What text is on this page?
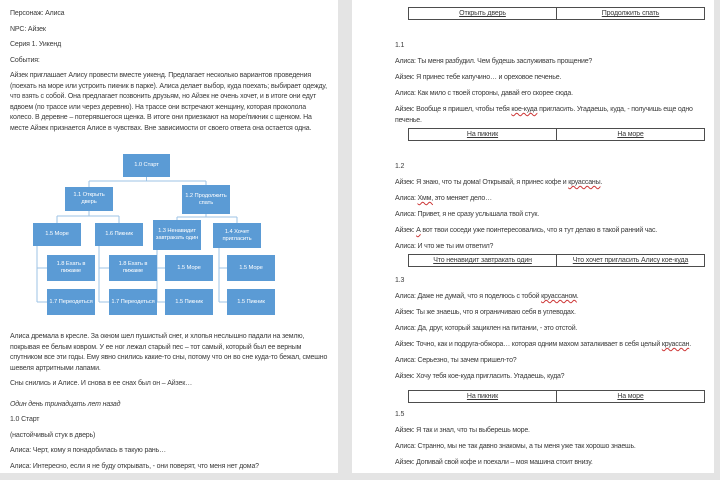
Персонаж: Алиса

NPC: Айзек

Серия 1. Уикенд

События:

Айзек приглашает Алису провести вместе уикенд. Предлагает несколько вариантов проведения (поехать на море или устроить пикник в парке). Алиса делает выбор, куда поехать; выбирает одежду, что взять с собой. Она предлагает позвонить друзьям, но Айзек не очень хочет, и в итоге они едут вдвоем (по трассе или через деревню). На трассе они встречают женщину, которая проколола колесо. В деревне – потерявшегося щенка. В итоге они приезжают на море/пикник с щенком. На месте Айзек признается Алисе в чувствах. Вне зависимости от своего ответа она остается одна.

1.0 Старт
1.1 Открыть дверь
1.2 Продолжить спать
1.5 Море	1.6 Пикник	1.3 Ненавидит завтракать один
1.4 Хочет пригласить
1.8 Ехать в пижаме
1.7 Переодеться
1.8 Ехать в пижаме
1.7 Переодеться
1.5 Море
1.5 Пикник
1.5 Море
1.5 Пикник

Алиса дремала в кресле. За окном шел пушистый снег, и хлопья неслышно падали на землю, покрывая ее белым ковром. У ее ног лежал старый пес – тот самый, который был ее верным спутником все эти годы. Ему явно снились какие-то сны, потому что он во сне куда-то бежал, смешно шевеля артритными лапами.

Сны снились и Алисе. И снова в ее снах был он – Айзек…

Один день тринадцать лет назад

1.0 Старт

(настойчивый стук в дверь)

Алиса: Черт, кому я понадобилась в такую рань…

Алиса: Интересно, если я не буду открывать, - они поверят, что меня нет дома?

Открыть дверь	Продолжить спать

1.1

Алиса: Ты меня разбудил. Чем будешь заслуживать прощение?

Айзек: Я принес тебе капучино… и ореховое печенье.

Алиса: Как мило с твоей стороны, давай его скорее сюда.

Айзек: Вообще я пришел, чтобы тебя кое-куда пригласить. Угадаешь, куда, - получишь еще одно печенье.

На пикник	На море

1.2

Айзек: Я знаю, что ты дома! Открывай, я принес кофе и круассаны.

Алиса: Хмм, это меняет дело…

Алиса: Привет, я не сразу услышала твой стук.

Айзек: А вот твои соседи уже поинтересовались, что я тут делаю в такой ранний час.

Алиса: И что же ты им ответил?

Что ненавидит завтракать один	Что хочет пригласить Алису кое-куда

1.3

Алиса: Даже не думай, что я поделюсь с тобой круассаном.

Айзек: Ты же знаешь, что я ограничиваю себя в углеводах.

Алиса: Да, друг, который зациклен на питании, - это отстой.

Айзек: Точно, как и подруга-обжора… которая одним махом заталкивает в себя целый круассан.

Алиса: Серьезно, ты зачем пришел-то?

Айзек: Хочу тебя кое-куда пригласить. Угадаешь, куда?

На пикник	На море

1.5

Айзек: Я так и знал, что ты выберешь море.

Алиса: Странно, мы не так давно знакомы, а ты меня уже так хорошо знаешь.

Айзек: Допивай свой кофе и поехали – моя машина стоит внизу.
